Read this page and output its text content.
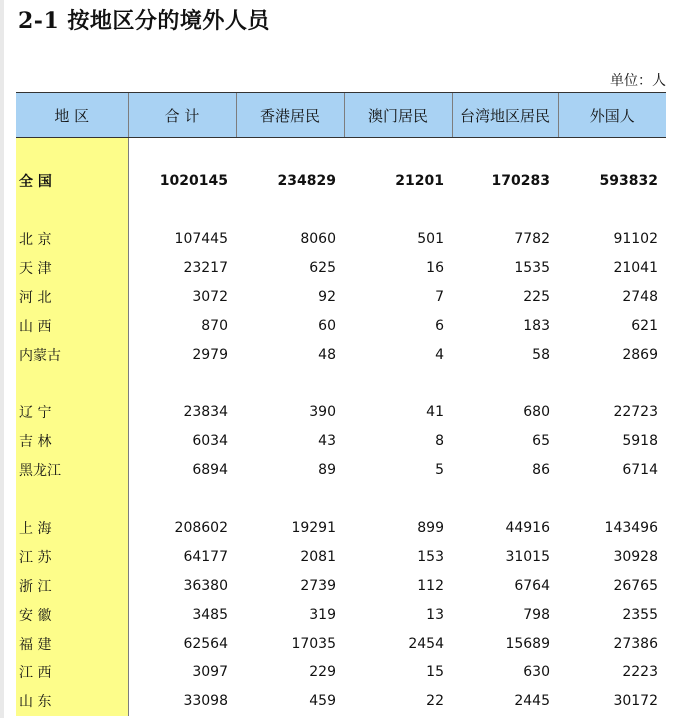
2-1 按地区分的境外人员
单位：人
地 区	合 计	香港居民	澳门居民	台湾地区居民	外国人

全 国	1020145	234829	21201	170283	593832

北 京	107445	8060	501	7782	91102
天 津	23217	625	16	1535	21041
河 北	3072	92	7	225	2748
山 西	870	60	6	183	621
内蒙古	2979	48	4	58	2869

辽 宁	23834	390	41	680	22723
吉 林	6034	43	8	65	5918
黑龙江	6894	89	5	86	6714

上 海	208602	19291	899	44916	143496
江 苏	64177	2081	153	31015	30928
浙 江	36380	2739	112	6764	26765
安 徽	3485	319	13	798	2355
福 建	62564	17035	2454	15689	27386
江 西	3097	229	15	630	2223
山 东	33098	459	22	2445	30172
